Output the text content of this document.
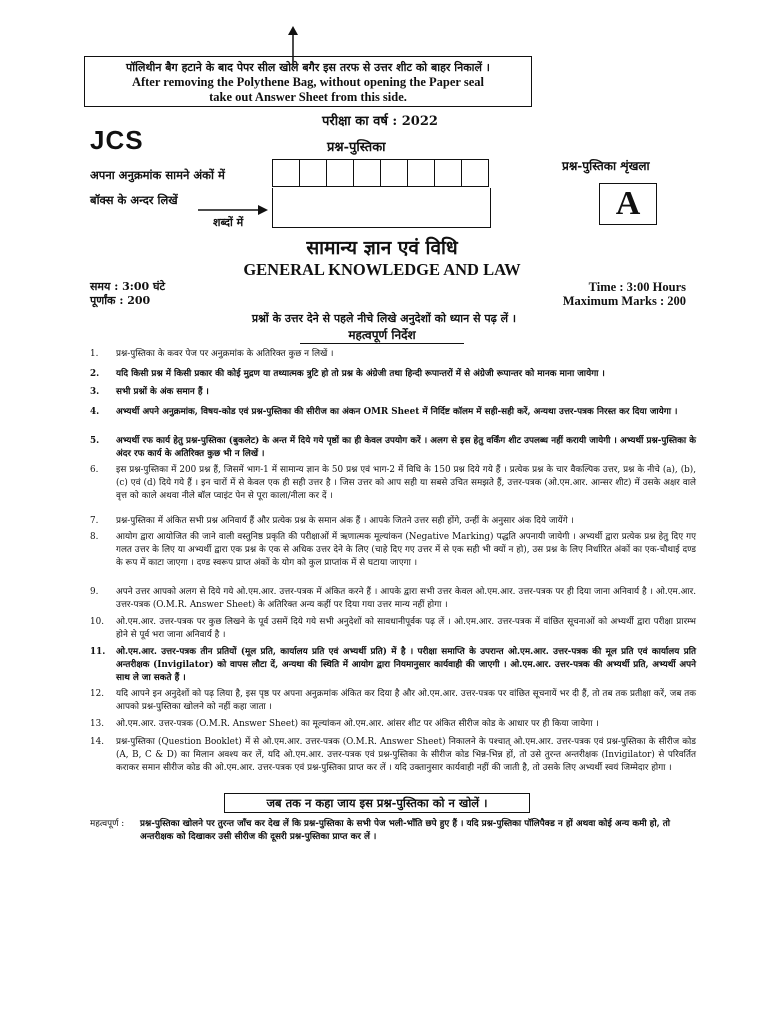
पॉलिथीन बैग हटाने के बाद पेपर सील खोले बगैर इस तरफ से उत्तर शीट को बाहर निकालें ।
After removing the Polythene Bag, without opening the Paper seal
take out Answer Sheet from this side.
परीक्षा का वर्ष : 2022
प्रश्न-पुस्तिका
JCS
अपना अनुक्रमांक सामने अंकों में
बॉक्स के अन्दर लिखें
शब्दों में
प्रश्न-पुस्तिका शृंखला
A
सामान्य ज्ञान एवं विधि
GENERAL KNOWLEDGE AND LAW
समय : 3:00 घंटे
पूर्णांक : 200
Time : 3:00 Hours
Maximum Marks : 200
प्रश्नों के उत्तर देने से पहले नीचे लिखे अनुदेशों को ध्यान से पढ़ लें ।
महत्वपूर्ण निर्देश
1.	प्रश्न-पुस्तिका के कवर पेज पर अनुक्रमांक के अतिरिक्त कुछ न लिखें ।
2.	यदि किसी प्रश्न में किसी प्रकार की कोई मुद्रण या तथ्यात्मक त्रुटि हो तो प्रश्न के अंग्रेजी तथा हिन्दी रूपान्तरों में से अंग्रेजी रूपान्तर को मानक माना जायेगा ।
3.	सभी प्रश्नों के अंक समान हैं ।
4.	अभ्यर्थी अपने अनुक्रमांक, विषय-कोड एवं प्रश्न-पुस्तिका की सीरीज का अंकन OMR Sheet में निर्दिष्ट कॉलम में सही-सही करें, अन्यथा उत्तर-पत्रक निरस्त कर दिया जायेगा ।
5.	अभ्यर्थी रफ कार्य हेतु प्रश्न-पुस्तिका (बुकलेट) के अन्त में दिये गये पृष्ठों का ही केवल उपयोग करें । अलग से इस हेतु वर्किंग शीट उपलब्ध नहीं करायी जायेगी । अभ्यर्थी प्रश्न-पुस्तिका के अंदर रफ कार्य के अतिरिक्त कुछ भी न लिखें ।
6.	इस प्रश्न-पुस्तिका में 200 प्रश्न हैं, जिसमें भाग-1 में सामान्य ज्ञान के 50 प्रश्न एवं भाग-2 में विधि के 150 प्रश्न दिये गये हैं । प्रत्येक प्रश्न के चार वैकल्पिक उत्तर, प्रश्न के नीचे (a), (b), (c) एवं (d) दिये गये हैं । इन चारों में से केवल एक ही सही उत्तर है । जिस उत्तर को आप सही या सबसे उचित समझते हैं, उत्तर-पत्रक (ओ.एम.आर. आन्सर शीट) में उसके अक्षर वाले वृत्त को काले अथवा नीले बॉल प्वाइंट पेन से पूरा काला/नीला कर दें ।
7.	प्रश्न-पुस्तिका में अंकित सभी प्रश्न अनिवार्य हैं और प्रत्येक प्रश्न के समान अंक हैं । आपके जितने उत्तर सही होंगे, उन्हीं के अनुसार अंक दिये जायेंगे ।
8.	आयोग द्वारा आयोजित की जाने वाली वस्तुनिष्ठ प्रकृति की परीक्षाओं में ऋणात्मक मूल्यांकन (Negative Marking) पद्धति अपनायी जायेगी । अभ्यर्थी द्वारा प्रत्येक प्रश्न हेतु दिए गए गलत उत्तर के लिए या अभ्यर्थी द्वारा एक प्रश्न के एक से अधिक उत्तर देने के लिए (चाहे दिए गए उत्तर में से एक सही भी क्यों न हो), उस प्रश्न के लिए निर्धारित अंकों का एक-चौथाई दण्ड के रूप में काटा जाएगा । दण्ड स्वरूप प्राप्त अंकों के योग को कुल प्राप्तांक में से घटाया जाएगा ।
9.	अपने उत्तर आपको अलग से दिये गये ओ.एम.आर. उत्तर-पत्रक में अंकित करने हैं । आपके द्वारा सभी उत्तर केवल ओ.एम.आर. उत्तर-पत्रक पर ही दिया जाना अनिवार्य है । ओ.एम.आर. उत्तर-पत्रक (O.M.R. Answer Sheet) के अतिरिक्त अन्य कहीं पर दिया गया उत्तर मान्य नहीं होगा ।
10.	ओ.एम.आर. उत्तर-पत्रक पर कुछ लिखने के पूर्व उसमें दिये गये सभी अनुदेशों को सावधानीपूर्वक पढ़ लें । ओ.एम.आर. उत्तर-पत्रक में वांछित सूचनाओं को अभ्यर्थी द्वारा परीक्षा प्रारम्भ होने से पूर्व भरा जाना अनिवार्य है ।
11.	ओ.एम.आर. उत्तर-पत्रक तीन प्रतियों (मूल प्रति, कार्यालय प्रति एवं अभ्यर्थी प्रति) में है । परीक्षा समाप्ति के उपरान्त ओ.एम.आर. उत्तर-पत्रक की मूल प्रति एवं कार्यालय प्रति अन्तरीक्षक (Invigilator) को वापस लौटा दें, अन्यथा की स्थिति में आयोग द्वारा नियमानुसार कार्यवाही की जाएगी । ओ.एम.आर. उत्तर-पत्रक की अभ्यर्थी प्रति, अभ्यर्थी अपने साथ ले जा सकते हैं ।
12.	यदि आपने इन अनुदेशों को पढ़ लिया है, इस पृष्ठ पर अपना अनुक्रमांक अंकित कर दिया है और ओ.एम.आर. उत्तर-पत्रक पर वांछित सूचनायें भर दी हैं, तो तब तक प्रतीक्षा करें, जब तक आपको प्रश्न-पुस्तिका खोलने को नहीं कहा जाता ।
13.	ओ.एम.आर. उत्तर-पत्रक (O.M.R. Answer Sheet) का मूल्यांकन ओ.एम.आर. आंसर शीट पर अंकित सीरीज कोड के आधार पर ही किया जायेगा ।
14.	प्रश्न-पुस्तिका (Question Booklet) में से ओ.एम.आर. उत्तर-पत्रक (O.M.R. Answer Sheet) निकालने के पश्चात् ओ.एम.आर. उत्तर-पत्रक एवं प्रश्न-पुस्तिका के सीरीज कोड (A, B, C & D) का मिलान अवश्य कर लें, यदि ओ.एम.आर. उत्तर-पत्रक एवं प्रश्न-पुस्तिका के सीरीज कोड भिन्न-भिन्न हों, तो उसे तुरन्त अन्तरीक्षक (Invigilator) से परिवर्तित कराकर समान सीरीज कोड की ओ.एम.आर. उत्तर-पत्रक एवं प्रश्न-पुस्तिका प्राप्त कर लें । यदि उक्तानुसार कार्यवाही नहीं की जाती है, तो उसके लिए अभ्यर्थी स्वयं जिम्मेदार होगा ।
जब तक न कहा जाय इस प्रश्न-पुस्तिका को न खोलें ।
महत्वपूर्ण : प्रश्न-पुस्तिका खोलने पर तुरन्त जाँच कर देख लें कि प्रश्न-पुस्तिका के सभी पेज भली-भाँति छपे हुए हैं । यदि प्रश्न-पुस्तिका पॉलिपैक्ड न हों अथवा कोई अन्य कमी हो, तो अन्तरीक्षक को दिखाकर उसी सीरीज की दूसरी प्रश्न-पुस्तिका प्राप्त कर लें ।
